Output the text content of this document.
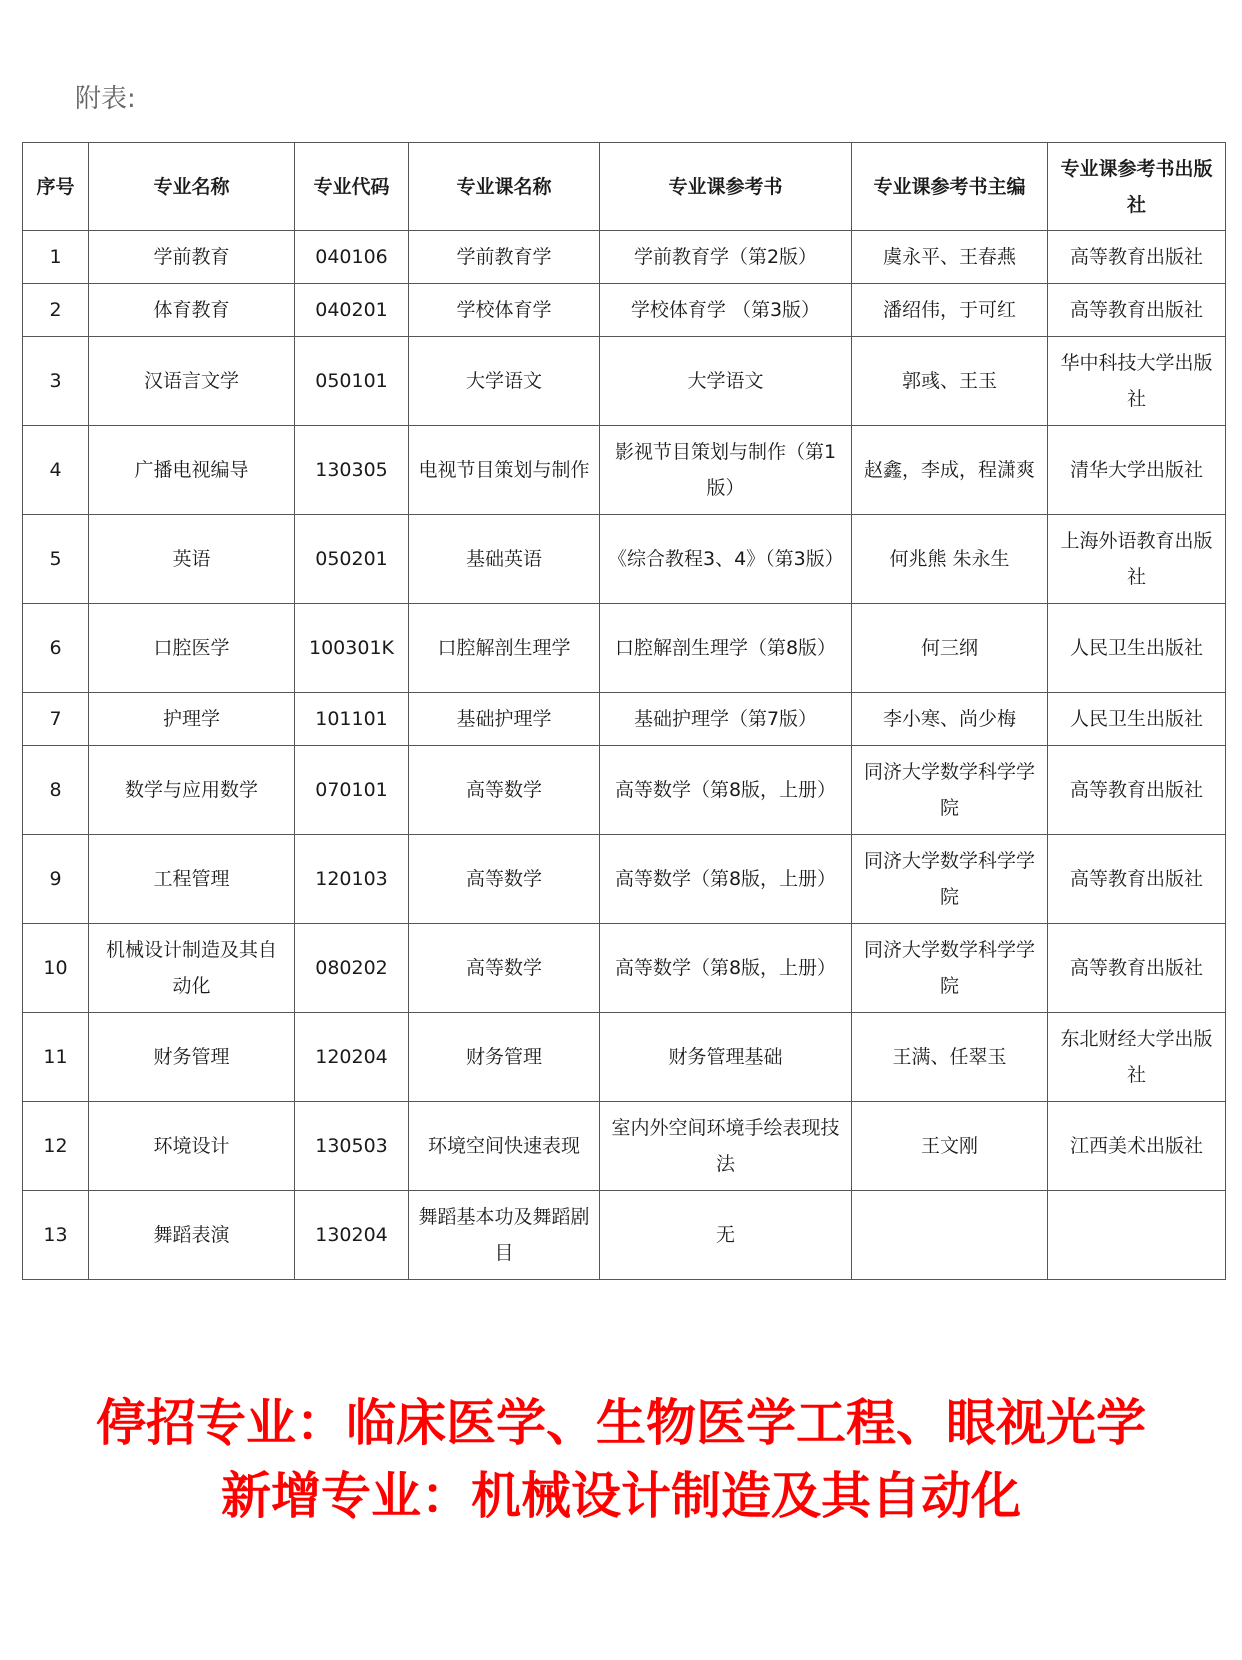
附表:
序号	专业名称	专业代码	专业课名称	专业课参考书	专业课参考书主编	专业课参考书出版社
1	学前教育	040106	学前教育学	学前教育学（第2版）	虞永平、王春燕	高等教育出版社
2	体育教育	040201	学校体育学	学校体育学 （第3版）	潘绍伟，于可红	高等教育出版社
3	汉语言文学	050101	大学语文	大学语文	郭彧、王玉	华中科技大学出版社
4	广播电视编导	130305	电视节目策划与制作	影视节目策划与制作（第1版）	赵鑫，李成，程潇爽	清华大学出版社
5	英语	050201	基础英语	《综合教程3、4》（第3版）	何兆熊 朱永生	上海外语教育出版社
6	口腔医学	100301K	口腔解剖生理学	口腔解剖生理学（第8版）	何三纲	人民卫生出版社
7	护理学	101101	基础护理学	基础护理学（第7版）	李小寒、尚少梅	人民卫生出版社
8	数学与应用数学	070101	高等数学	高等数学（第8版，上册）	同济大学数学科学学院	高等教育出版社
9	工程管理	120103	高等数学	高等数学（第8版，上册）	同济大学数学科学学院	高等教育出版社
10	机械设计制造及其自动化	080202	高等数学	高等数学（第8版，上册）	同济大学数学科学学院	高等教育出版社
11	财务管理	120204	财务管理	财务管理基础	王满、任翠玉	东北财经大学出版社
12	环境设计	130503	环境空间快速表现	室内外空间环境手绘表现技法	王文刚	江西美术出版社
13	舞蹈表演	130204	舞蹈基本功及舞蹈剧目	无		
停招专业：临床医学、生物医学工程、眼视光学
新增专业：机械设计制造及其自动化
